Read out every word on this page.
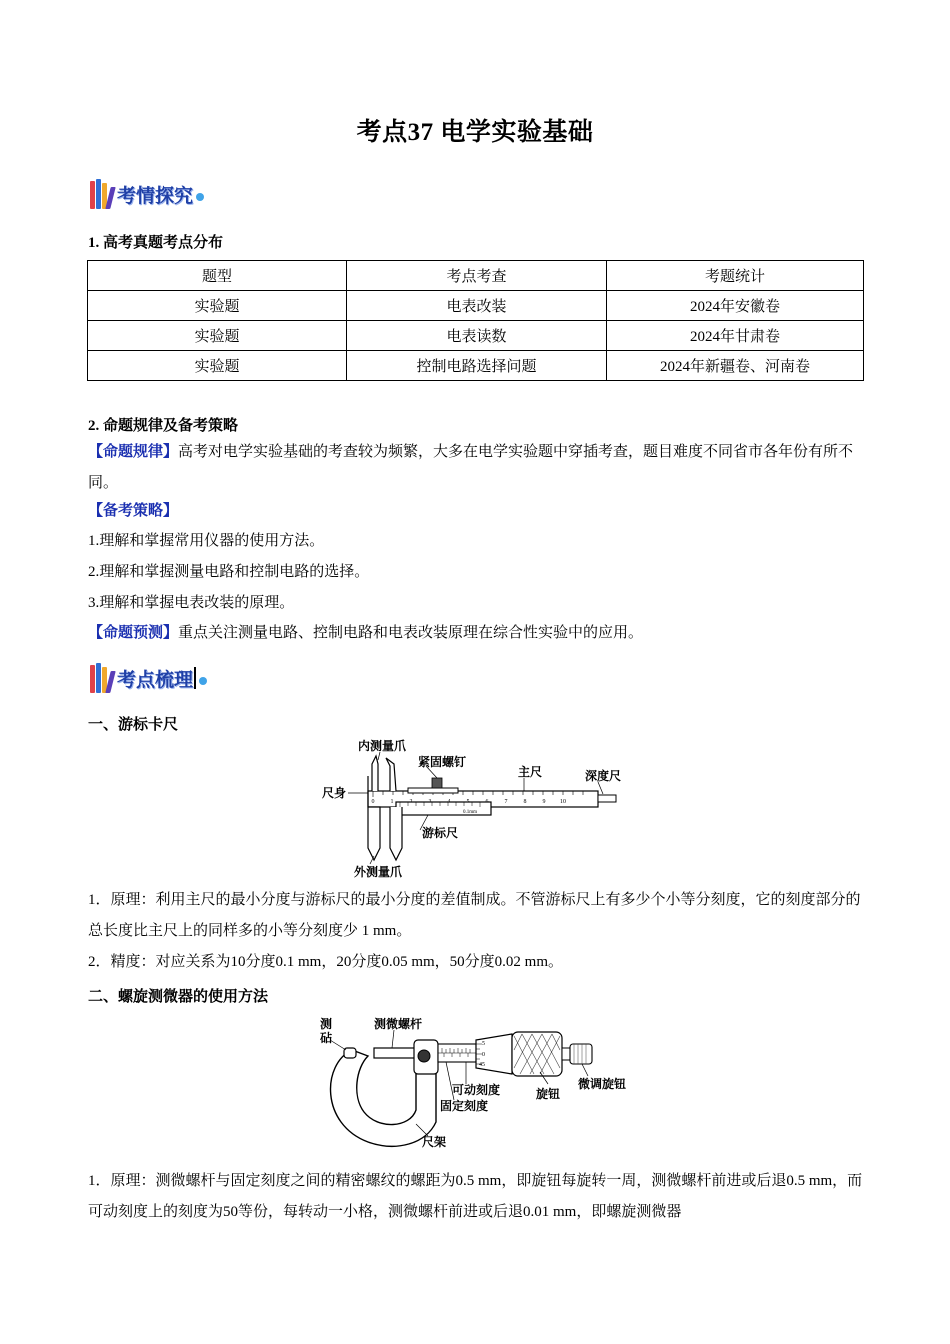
考点37 电学实验基础
考情探究
1. 高考真题考点分布
题型	考点考查	考题统计
实验题	电表改装	2024年安徽卷
实验题	电表读数	2024年甘肃卷
实验题	控制电路选择问题	2024年新疆卷、河南卷
2. 命题规律及备考策略
【命题规律】高考对电学实验基础的考查较为频繁，大多在电学实验题中穿插考查，题目难度不同省市各年份有所不同。
【备考策略】
1.理解和掌握常用仪器的使用方法。
2.理解和掌握测量电路和控制电路的选择。
3.理解和掌握电表改装的原理。
【命题预测】重点关注测量电路、控制电路和电表改装原理在综合性实验中的应用。
考点梳理
一、游标卡尺
0	1	7	8	9 10
0.1mm
内测量爪
紧固螺钉
主尺	深度尺
尺身
游标尺
外测量爪
1．原理：利用主尺的最小分度与游标尺的最小分度的差值制成。不管游标尺上有多少个小等分刻度，它的刻度部分的总长度比主尺上的同样多的小等分刻度少 1 mm。
2．精度：对应关系为10分度0.1 mm，20分度0.05 mm，50分度0.02 mm。
二、螺旋测微器的使用方法
5
0
45
测
砧
测微螺杆
可动刻度	旋钮
微调旋钮
固定刻度
尺架
1．原理：测微螺杆与固定刻度之间的精密螺纹的螺距为0.5 mm，即旋钮每旋转一周，测微螺杆前进或后退0.5 mm，而可动刻度上的刻度为50等份，每转动一小格，测微螺杆前进或后退0.01 mm，即螺旋测微器
